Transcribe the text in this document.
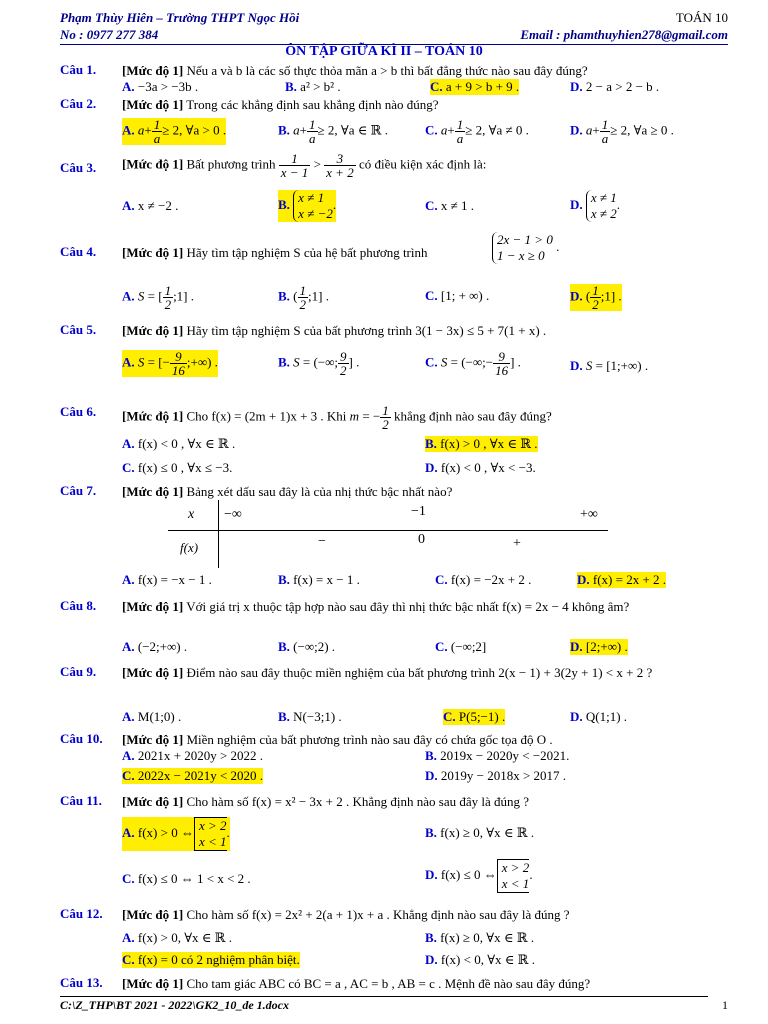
Phạm Thùy Hiên – Trường THPT Ngọc Hồi	TOÁN 10
No : 0977 277 384	Email : phamthuyhien278@gmail.com
ÔN TẬP GIỮA KÌ II – TOÁN 10
Câu 1. [Mức độ 1] Nếu a và b là các số thực thỏa mãn a > b thì bất đẳng thức nào sau đây đúng?
A. −3a > −3b .	B. a² > b² .	C. a + 9 > b + 9 .	D. 2 − a > 2 − b .
Câu 2. [Mức độ 1] Trong các khẳng định sau khẳng định nào đúng?
A. $a+ \frac{1}{a} \ge 2$, ∀a > 0 .	B. $a+ \frac{1}{a} \ge 2$, ∀a ∈ ℝ .	C. $a+ \frac{1}{a} \ge 2$, ∀a ≠ 0 .	D. $a+ \frac{1}{a} \ge 2$, ∀a ≥ 0 .
Câu 3. [Mức độ 1] Bất phương trình $\frac{1}{x - 1} > \frac{3}{x + 2}$ có điều kiện xác định là:
A. x ≠ −2 .	B. x ≠ 1
x ≠ −2.	C. x ≠ 1 .	D. x ≠ 1
x ≠ 2.
Câu 4. [Mức độ 1] Hãy tìm tập nghiệm S của hệ bất phương trình
2x − 1 > 0
1 − x ≥ 0 .
A. S = [ $\frac{1}{2}$ ;1] .	B. ( $\frac{1}{2}$ ;1] .	C. [1; + ∞) .	D. ( $\frac{1}{2}$ ;1] .
Câu 5. [Mức độ 1] Hãy tìm tập nghiệm S của bất phương trình 3(1 − 3x) ≤ 5 + 7(1 + x) .
A. S = [− $\frac{9}{16}$ ;+∞) .	B. S = (−∞; $\frac{9}{2}$ ] .	C. S = (−∞;− $\frac{9}{16}$ ] .	D. S = [1;+∞) .
Câu 6. [Mức độ 1] Cho f(x) = (2m + 1)x + 3 . Khi m = − $\frac{1}{2}$ khẳng định nào sau đây đúng?
A. f(x) < 0 , ∀x ∈ ℝ .	B. f(x) > 0 , ∀x ∈ ℝ .
C. f(x) ≤ 0 , ∀x ≤ −3.	D. f(x) < 0 , ∀x < −3.
Câu 7. [Mức độ 1] Bảng xét dấu sau đây là của nhị thức bậc nhất nào?
A. f(x) = −x − 1 .	B. f(x) = x − 1 .	C. f(x) = −2x + 2 .	D. f(x) = 2x + 2 .
x −∞	−1	+∞
f(x)	−	0	+
Câu 8. [Mức độ 1] Với giá trị x thuộc tập hợp nào sau đây thì nhị thức bậc nhất f(x) = 2x − 4 không âm?
A. (−2;+∞) .	B. (−∞;2) .	C. (−∞;2]	D. [2;+∞) .
Câu 9. [Mức độ 1] Điểm nào sau đây thuộc miền nghiệm của bất phương trình 2(x − 1) + 3(2y + 1) < x + 2 ?
A. M(1;0) .	B. N(−3;1) .	C. P(5;−1) .	D. Q(1;1) .
Câu 10. [Mức độ 1] Miền nghiệm của bất phương trình nào sau đây có chứa gốc tọa độ O .
A. 2021x + 2020y > 2022 .	B. 2019x − 2020y < −2021.
C. 2022x − 2021y < 2020 .	D. 2019y − 2018x > 2017 .
Câu 11. [Mức độ 1] Cho hàm số f(x) = x² − 3x + 2 . Khẳng định nào sau đây là đúng ?
A. f(x) > 0 ⇔ x > 2
x < 1.	B. f(x) ≥ 0, ∀x ∈ ℝ .
C. f(x) ≤ 0 ⇔ 1 < x < 2 .	D. f(x) ≤ 0 ⇔ x > 2
x < 1.
Câu 12. [Mức độ 1] Cho hàm số f(x) = 2x² + 2(a + 1)x + a . Khẳng định nào sau đây là đúng ?
A. f(x) > 0, ∀x ∈ ℝ .	B. f(x) ≥ 0, ∀x ∈ ℝ .
C. f(x) = 0 có 2 nghiệm phân biệt.	D. f(x) < 0, ∀x ∈ ℝ .
Câu 13. [Mức độ 1] Cho tam giác ABC có BC = a , AC = b , AB = c . Mệnh đề nào sau đây đúng?
C:\Z_THP\BT 2021 - 2022\GK2_10_de 1.docx	1
